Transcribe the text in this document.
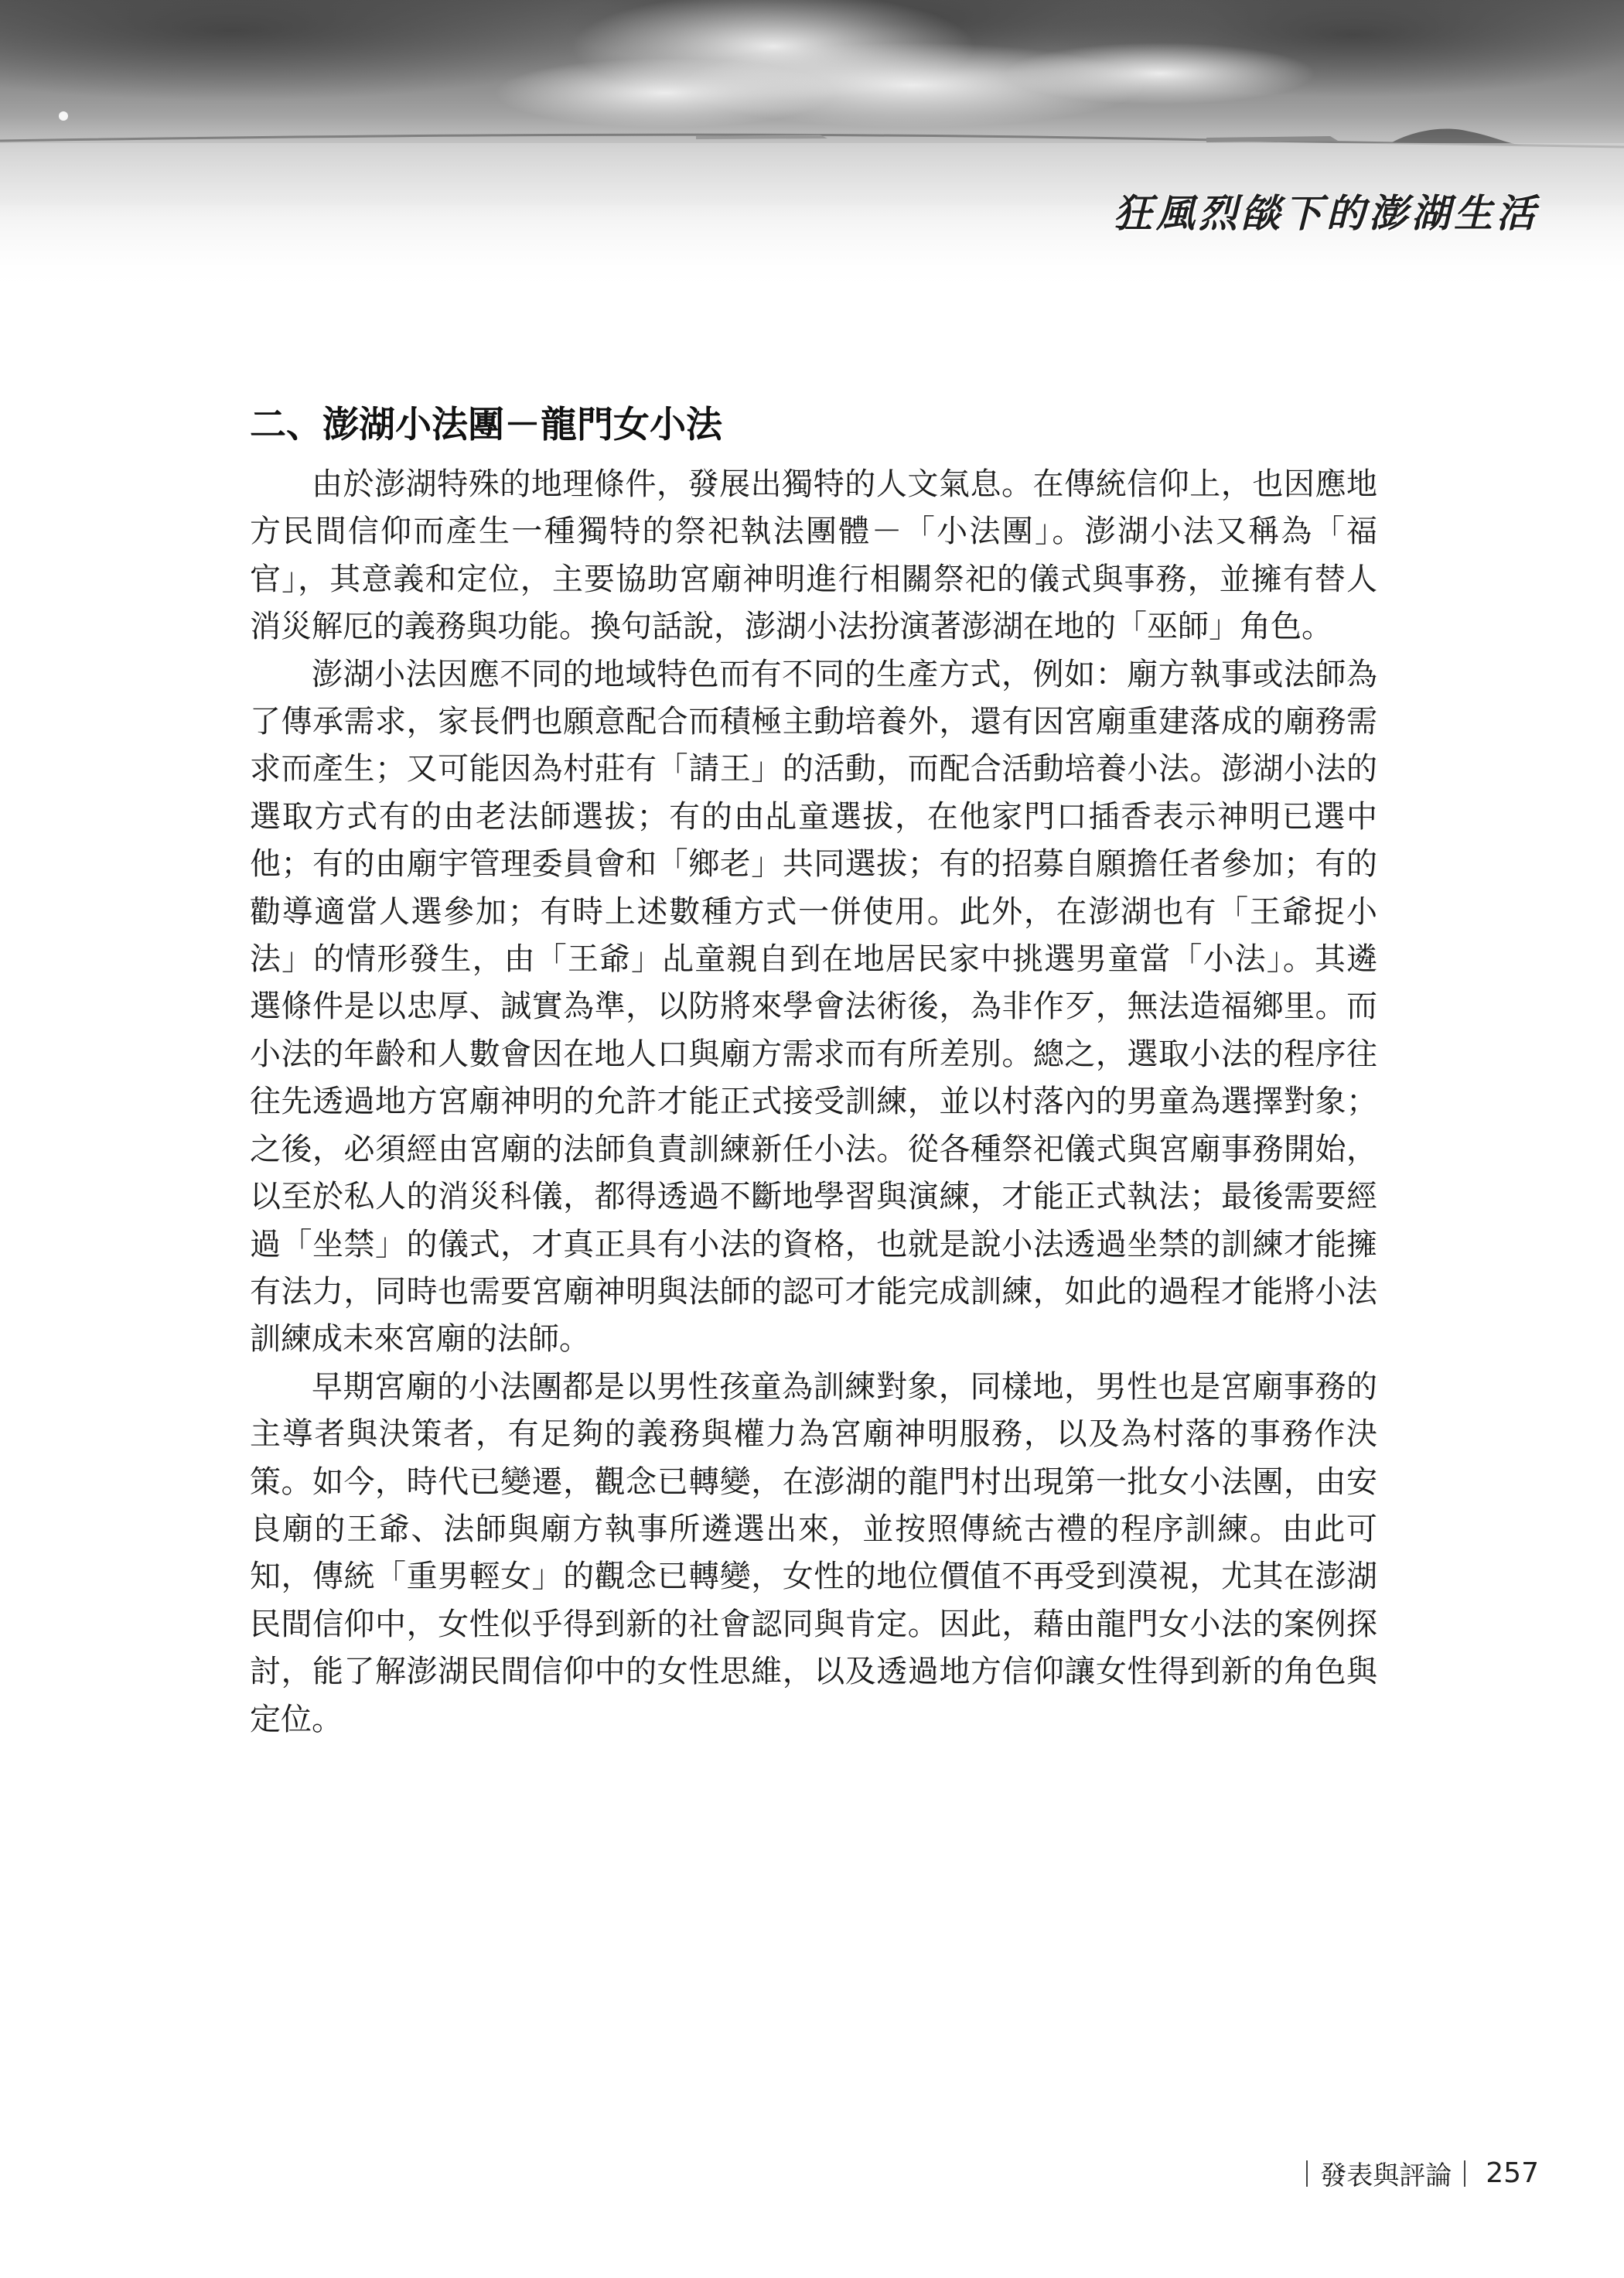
狂風烈燄下的澎湖生活
二、澎湖小法團－龍門女小法

由於澎湖特殊的地理條件，發展出獨特的人文氣息。在傳統信仰上，也因應地方民間信仰而產生一種獨特的祭祀執法團體－「小法團」。澎湖小法又稱為「福官」，其意義和定位，主要協助宮廟神明進行相關祭祀的儀式與事務，並擁有替人消災解厄的義務與功能。換句話說，澎湖小法扮演著澎湖在地的「巫師」角色。

澎湖小法因應不同的地域特色而有不同的生產方式，例如：廟方執事或法師為了傳承需求，家長們也願意配合而積極主動培養外，還有因宮廟重建落成的廟務需求而產生；又可能因為村莊有「請王」的活動，而配合活動培養小法。澎湖小法的選取方式有的由老法師選拔；有的由乩童選拔，在他家門口插香表示神明已選中他；有的由廟宇管理委員會和「鄉老」共同選拔；有的招募自願擔任者參加；有的勸導適當人選參加；有時上述數種方式一併使用。此外，在澎湖也有「王爺捉小法」的情形發生，由「王爺」乩童親自到在地居民家中挑選男童當「小法」。其遴選條件是以忠厚、誠實為準，以防將來學會法術後，為非作歹，無法造福鄉里。而小法的年齡和人數會因在地人口與廟方需求而有所差別。總之，選取小法的程序往往先透過地方宮廟神明的允許才能正式接受訓練，並以村落內的男童為選擇對象；之後，必須經由宮廟的法師負責訓練新任小法。從各種祭祀儀式與宮廟事務開始，以至於私人的消災科儀，都得透過不斷地學習與演練，才能正式執法；最後需要經過「坐禁」的儀式，才真正具有小法的資格，也就是說小法透過坐禁的訓練才能擁有法力，同時也需要宮廟神明與法師的認可才能完成訓練，如此的過程才能將小法訓練成未來宮廟的法師。

早期宮廟的小法團都是以男性孩童為訓練對象，同樣地，男性也是宮廟事務的主導者與決策者，有足夠的義務與權力為宮廟神明服務，以及為村落的事務作決策。如今，時代已變遷，觀念已轉變，在澎湖的龍門村出現第一批女小法團，由安良廟的王爺、法師與廟方執事所遴選出來，並按照傳統古禮的程序訓練。由此可知，傳統「重男輕女」的觀念已轉變，女性的地位價值不再受到漠視，尤其在澎湖民間信仰中，女性似乎得到新的社會認同與肯定。因此，藉由龍門女小法的案例探討，能了解澎湖民間信仰中的女性思維，以及透過地方信仰讓女性得到新的角色與定位。

發表與評論 257
